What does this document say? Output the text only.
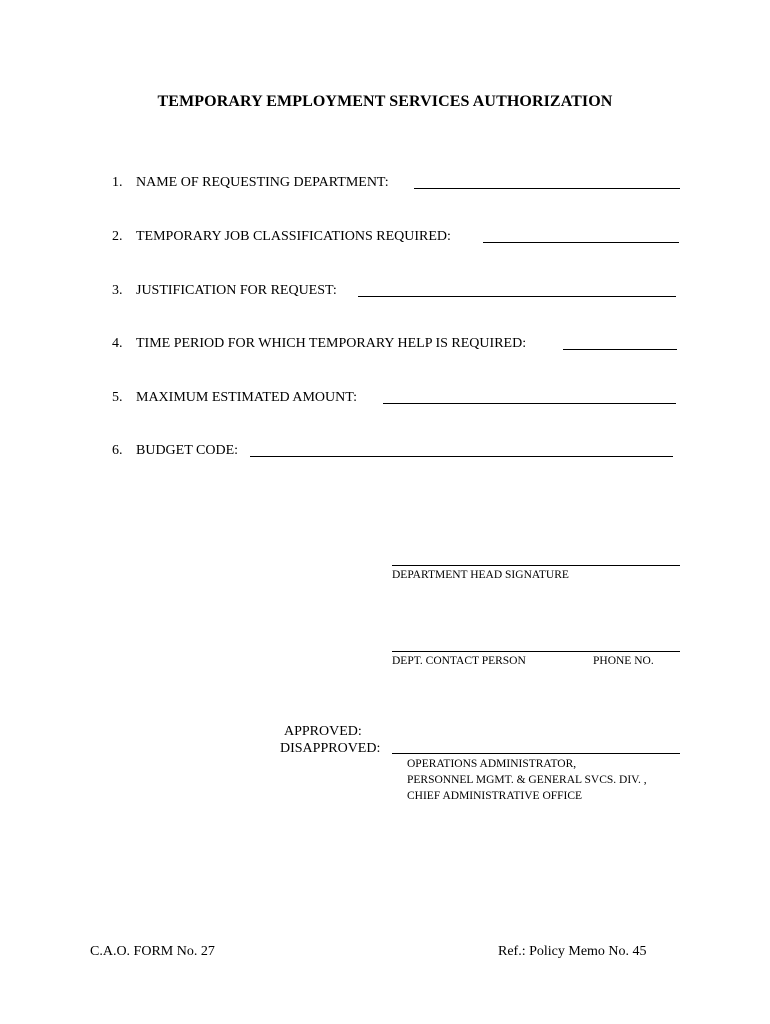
TEMPORARY EMPLOYMENT SERVICES AUTHORIZATION
1. NAME OF REQUESTING DEPARTMENT:
2. TEMPORARY JOB CLASSIFICATIONS REQUIRED:
3. JUSTIFICATION FOR REQUEST:
4. TIME PERIOD FOR WHICH TEMPORARY HELP IS REQUIRED:
5. MAXIMUM ESTIMATED AMOUNT:
6. BUDGET CODE:
DEPARTMENT HEAD SIGNATURE
DEPT. CONTACT PERSON	PHONE NO.
APPROVED:
DISAPPROVED:
OPERATIONS ADMINISTRATOR,
PERSONNEL MGMT. & GENERAL SVCS. DIV. ,
CHIEF ADMINISTRATIVE OFFICE
C.A.O. FORM No. 27	Ref.: Policy Memo No. 45
